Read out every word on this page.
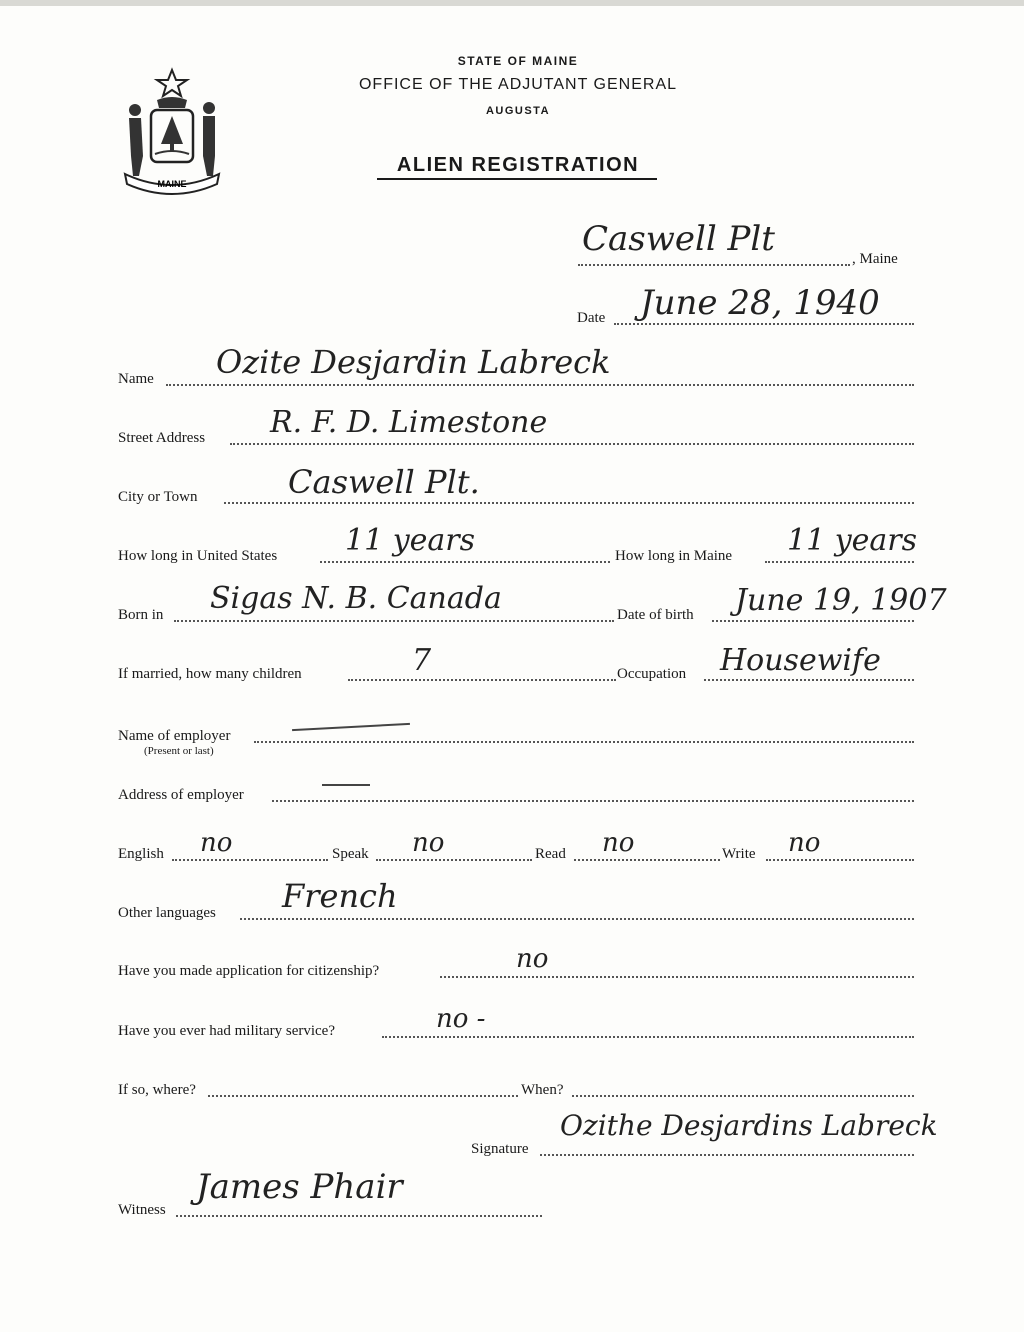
MAINE
STATE OF MAINE
OFFICE OF THE ADJUTANT GENERAL
AUGUSTA
ALIEN REGISTRATION
Caswell Plt	, Maine
Date June 28, 1940
Name Ozite Desjardin Labreck
Street Address R. F. D. Limestone
City or Town	Caswell Plt.
How long in United States 11 years	How long in Maine 11 years
Born in Sigas N. B. Canada	Date of birth June 19, 1907
If married, how many children	7	Occupation Housewife
Name of employer
(Present or last)
Address of employer
English no	Speak no	Read no	Write no
Other languages French
Have you made application for citizenship?	no
Have you ever had military service?	no -
If so, where?	When?
Signature
Ozithe Desjardins Labreck
Witness
James Phair
